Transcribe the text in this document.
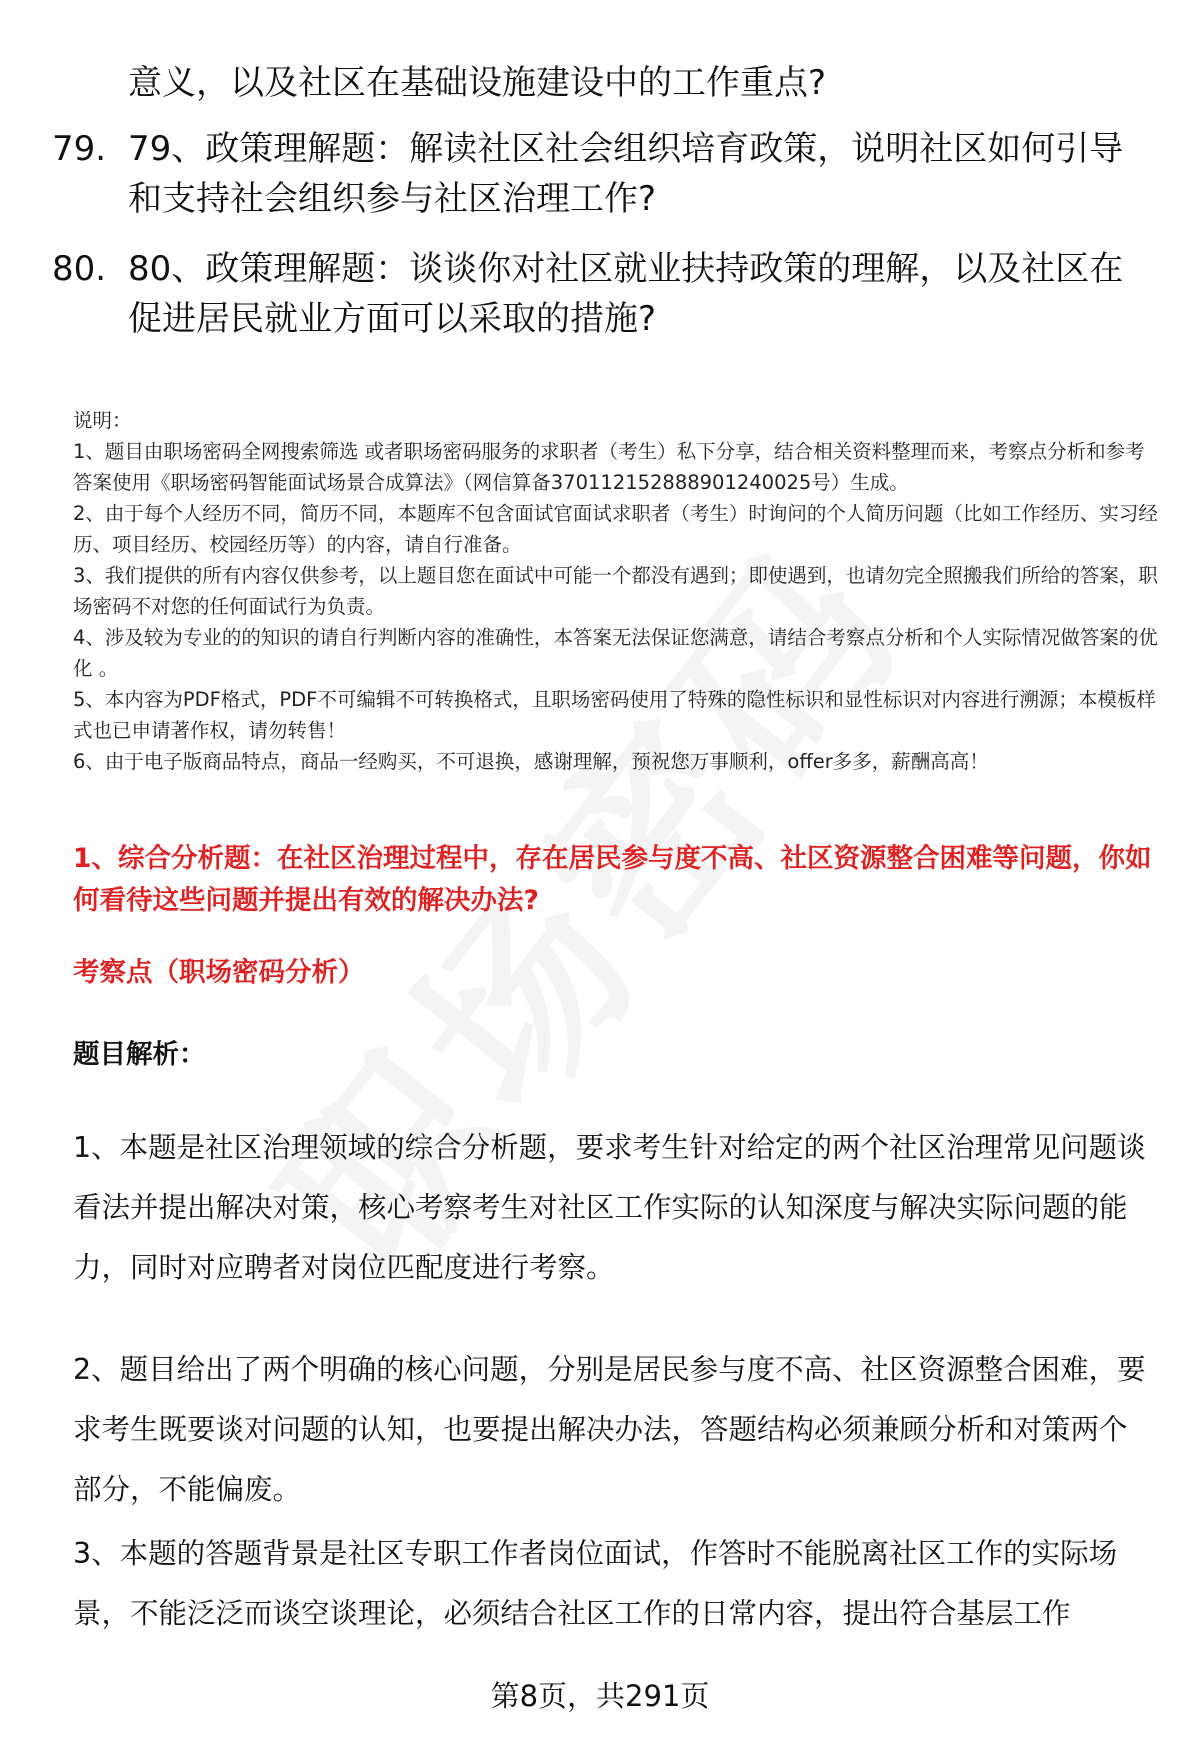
意义，以及社区在基础设施建设中的工作重点?

79. 79、政策理解题：解读社区社会组织培育政策，说明社区如何引导和支持社会组织参与社区治理工作?
80. 80、政策理解题：谈谈你对社区就业扶持政策的理解，以及社区在促进居民就业方面可以采取的措施?

说明：

1、题目由职场密码全网搜索筛选 或者职场密码服务的求职者（考生）私下分享，结合相关资料整理而来，考察点分析和参考答案使用《职场密码智能面试场景合成算法》（网信算备370112152888901240025号）生成。

2、由于每个人经历不同，简历不同，本题库不包含面试官面试求职者（考生）时询问的个人简历问题（比如工作经历、实习经历、项目经历、校园经历等）的内容，请自行准备。

3、我们提供的所有内容仅供参考，以上题目您在面试中可能一个都没有遇到；即使遇到，也请勿完全照搬我们所给的答案，职场密码不对您的任何面试行为负责。

4、涉及较为专业的的知识的请自行判断内容的准确性，本答案无法保证您满意，请结合考察点分析和个人实际情况做答案的优化 。

5、本内容为PDF格式，PDF不可编辑不可转换格式，且职场密码使用了特殊的隐性标识和显性标识对内容进行溯源；本模板样式也已申请著作权，请勿转售！

6、由于电子版商品特点，商品一经购买，不可退换，感谢理解，预祝您万事顺利，offer多多，薪酬高高！

1、综合分析题：在社区治理过程中，存在居民参与度不高、社区资源整合困难等问题，你如何看待这些问题并提出有效的解决办法?

考察点（职场密码分析）

题目解析：

1、本题是社区治理领域的综合分析题，要求考生针对给定的两个社区治理常见问题谈看法并提出解决对策，核心考察考生对社区工作实际的认知深度与解决实际问题的能力，同时对应聘者对岗位匹配度进行考察。

2、题目给出了两个明确的核心问题，分别是居民参与度不高、社区资源整合困难，要求考生既要谈对问题的认知，也要提出解决办法，答题结构必须兼顾分析和对策两个部分，不能偏废。

3、本题的答题背景是社区专职工作者岗位面试，作答时不能脱离社区工作的实际场景，不能泛泛而谈空谈理论，必须结合社区工作的日常内容，提出符合基层工作

第8页，共291页
